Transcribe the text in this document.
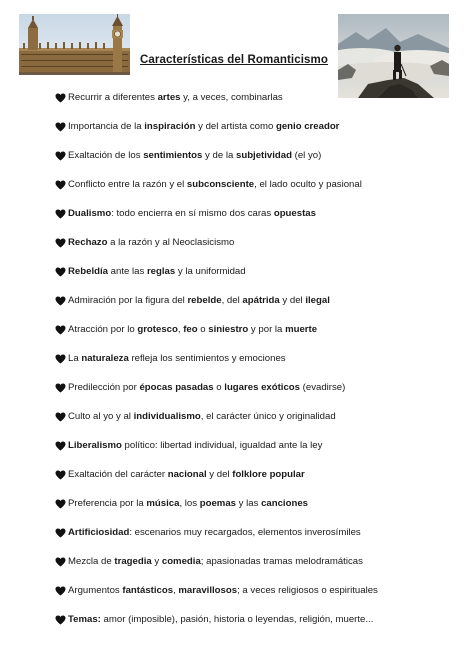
Características del Romanticismo
Recurrir a diferentes artes y, a veces, combinarlas
Importancia de la inspiración y del artista como genio creador
Exaltación de los sentimientos y de la subjetividad (el yo)
Conflicto entre la razón y el subconsciente, el lado oculto y pasional
Dualismo: todo encierra en sí mismo dos caras opuestas
Rechazo a la razón y al Neoclasicismo
Rebeldía ante las reglas y la uniformidad
Admiración por la figura del rebelde, del apátrida y del ilegal
Atracción por lo grotesco, feo o siniestro y por la muerte
La naturaleza refleja los sentimientos y emociones
Predilección por épocas pasadas o lugares exóticos (evadirse)
Culto al yo y al individualismo, el carácter único y originalidad
Liberalismo político: libertad individual, igualdad ante la ley
Exaltación del carácter nacional y del folklore popular
Preferencia por la música, los poemas y las canciones
Artificiosidad: escenarios muy recargados, elementos inverosímiles
Mezcla de tragedia y comedia; apasionadas tramas melodramáticas
Argumentos fantásticos, maravillosos; a veces religiosos o espirituales
Temas: amor (imposible), pasión, historia o leyendas, religión, muerte...
